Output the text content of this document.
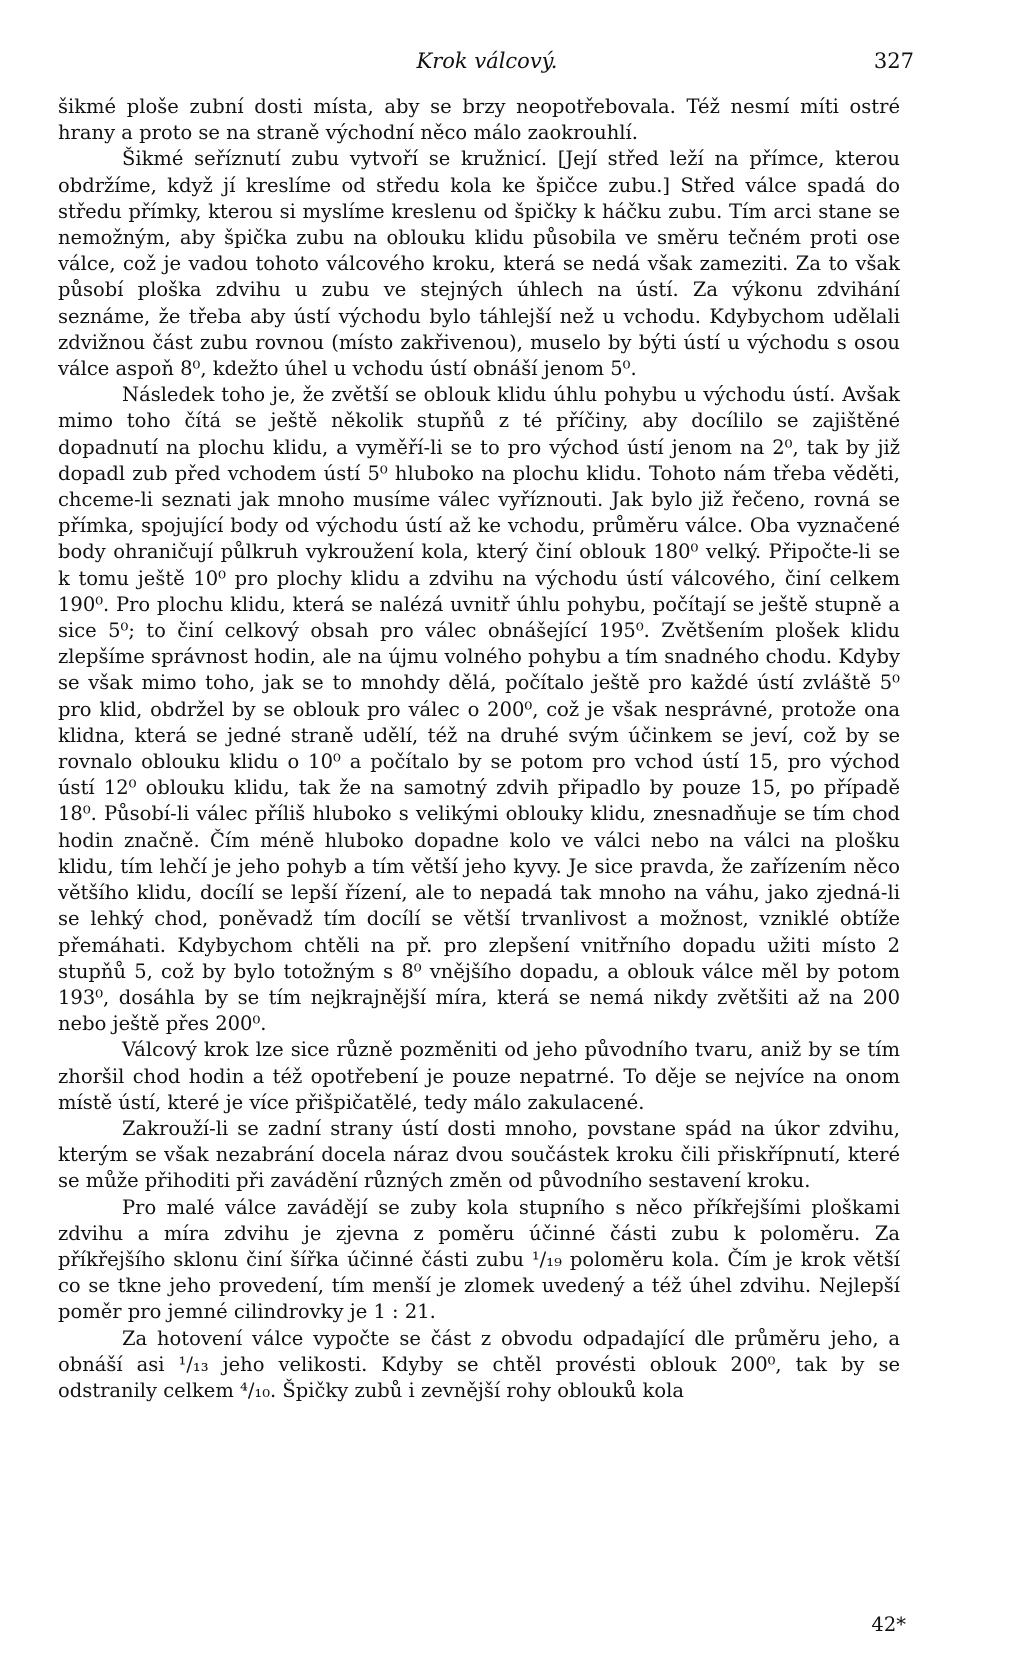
Krok válcový.	327

šikmé ploše zubní dosti místa, aby se brzy neopotřebovala. Též nesmí míti ostré hrany a proto se na straně východní něco málo zaokrouhlí.

Šikmé seříznutí zubu vytvoří se kružnicí. [Její střed leží na přímce, kterou obdržíme, když jí kreslíme od středu kola ke špičce zubu.] Střed válce spadá do středu přímky, kterou si myslíme kreslenu od špičky k háčku zubu. Tím arci stane se nemožným, aby špička zubu na oblouku klidu působila ve směru tečném proti ose válce, což je vadou tohoto válcového kroku, která se nedá však zameziti. Za to však působí ploška zdvihu u zubu ve stejných úhlech na ústí. Za výkonu zdvihání seznáme, že třeba aby ústí východu bylo táhlejší než u vchodu. Kdybychom udělali zdvižnou část zubu rovnou (místo zakřivenou), muselo by býti ústí u východu s osou válce aspoň 8⁰, kdežto úhel u vchodu ústí obnáší jenom 5⁰.

Následek toho je, že zvětší se oblouk klidu úhlu pohybu u východu ústí. Avšak mimo toho čítá se ještě několik stupňů z té příčiny, aby docílilo se zajištěné dopadnutí na plochu klidu, a vyměří-li se to pro východ ústí jenom na 2⁰, tak by již dopadl zub před vchodem ústí 5⁰ hluboko na plochu klidu. Tohoto nám třeba věděti, chceme-li seznati jak mnoho musíme válec vyříznouti. Jak bylo již řečeno, rovná se přímka, spojující body od východu ústí až ke vchodu, průměru válce. Oba vyznačené body ohraničují půlkruh vykroužení kola, který činí oblouk 180⁰ velký. Připočte-li se k tomu ještě 10⁰ pro plochy klidu a zdvihu na východu ústí válcového, činí celkem 190⁰. Pro plochu klidu, která se nalézá uvnitř úhlu pohybu, počítají se ještě stupně a sice 5⁰; to činí celkový obsah pro válec obnášející 195⁰. Zvětšením plošek klidu zlepšíme správnost hodin, ale na újmu volného pohybu a tím snadného chodu. Kdyby se však mimo toho, jak se to mnohdy dělá, počítalo ještě pro každé ústí zvláště 5⁰ pro klid, obdržel by se oblouk pro válec o 200⁰, což je však nesprávné, protože ona klidna, která se jedné straně udělí, též na druhé svým účinkem se jeví, což by se rovnalo oblouku klidu o 10⁰ a počítalo by se potom pro vchod ústí 15, pro východ ústí 12⁰ oblouku klidu, tak že na samotný zdvih připadlo by pouze 15, po případě 18⁰. Působí-li válec příliš hluboko s velikými oblouky klidu, znesnadňuje se tím chod hodin značně. Čím méně hluboko dopadne kolo ve válci nebo na válci na plošku klidu, tím lehčí je jeho pohyb a tím větší jeho kyvy. Je sice pravda, že zařízením něco většího klidu, docílí se lepší řízení, ale to nepadá tak mnoho na váhu, jako zjedná-li se lehký chod, poněvadž tím docílí se větší trvanlivost a možnost, vzniklé obtíže přemáhati. Kdybychom chtěli na př. pro zlepšení vnitřního dopadu užiti místo 2 stupňů 5, což by bylo totožným s 8⁰ vnějšího dopadu, a oblouk válce měl by potom 193⁰, dosáhla by se tím nejkrajnější míra, která se nemá nikdy zvětšiti až na 200 nebo ještě přes 200⁰.

Válcový krok lze sice různě pozměniti od jeho původního tvaru, aniž by se tím zhoršil chod hodin a též opotřebení je pouze nepatrné. To děje se nejvíce na onom místě ústí, které je více přišpičatělé, tedy málo zakulacené.

Zakrouží-li se zadní strany ústí dosti mnoho, povstane spád na úkor zdvihu, kterým se však nezabrání docela náraz dvou součástek kroku čili přiskřípnutí, které se může přihoditi při zavádění různých změn od původního sestavení kroku.

Pro malé válce zavádějí se zuby kola stupního s něco příkřejšími ploškami zdvihu a míra zdvihu je zjevna z poměru účinné části zubu k poloměru. Za příkřejšího sklonu činí šířka účinné části zubu ¹/₁₉ poloměru kola. Čím je krok větší co se tkne jeho provedení, tím menší je zlomek uvedený a též úhel zdvihu. Nejlepší poměr pro jemné cilindrovky je 1 : 21.

Za hotovení válce vypočte se část z obvodu odpadající dle průměru jeho, a obnáší asi ¹/₁₃ jeho velikosti. Kdyby se chtěl provésti oblouk 200⁰, tak by se odstranily celkem ⁴/₁₀. Špičky zubů i zevnější rohy oblouků kola

42*
